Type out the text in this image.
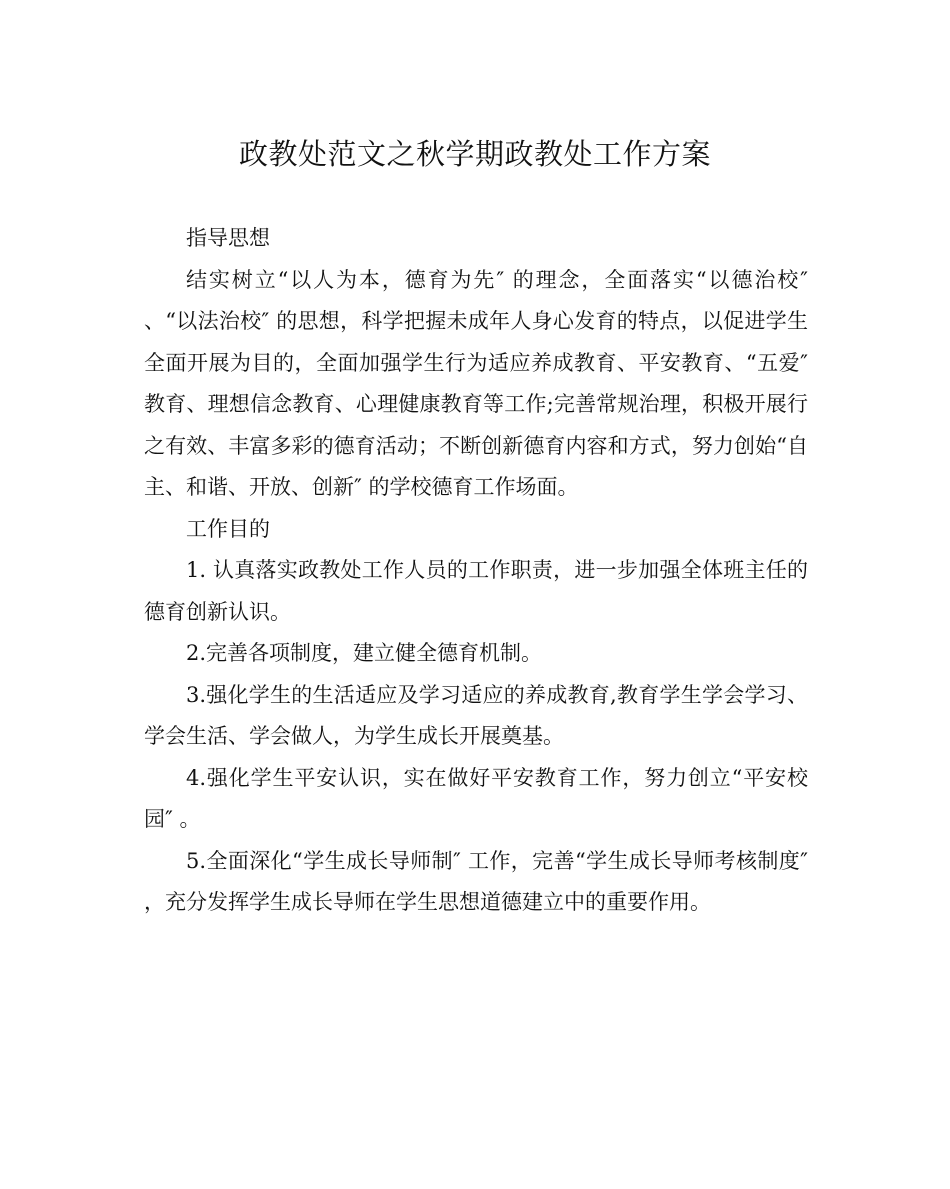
政教处范文之秋学期政教处工作方案

指导思想

结实树立“以人为本，德育为先″ 的理念，全面落实“以德治校″ 、“以法治校″ 的思想，科学把握未成年人身心发育的特点，以促进学生全面开展为目的，全面加强学生行为适应养成教育、平安教育、“五爱″ 教育、理想信念教育、心理健康教育等工作;完善常规治理，积极开展行之有效、丰富多彩的德育活动；不断创新德育内容和方式，努力创始“自主、和谐、开放、创新″ 的学校德育工作场面。

工作目的

1. 认真落实政教处工作人员的工作职责，进一步加强全体班主任的德育创新认识。

2.完善各项制度，建立健全德育机制。

3.强化学生的生活适应及学习适应的养成教育,教育学生学会学习、学会生活、学会做人，为学生成长开展奠基。

4.强化学生平安认识，实在做好平安教育工作，努力创立“平安校园″ 。

5.全面深化“学生成长导师制″ 工作，完善“学生成长导师考核制度″ ，充分发挥学生成长导师在学生思想道德建立中的重要作用。
